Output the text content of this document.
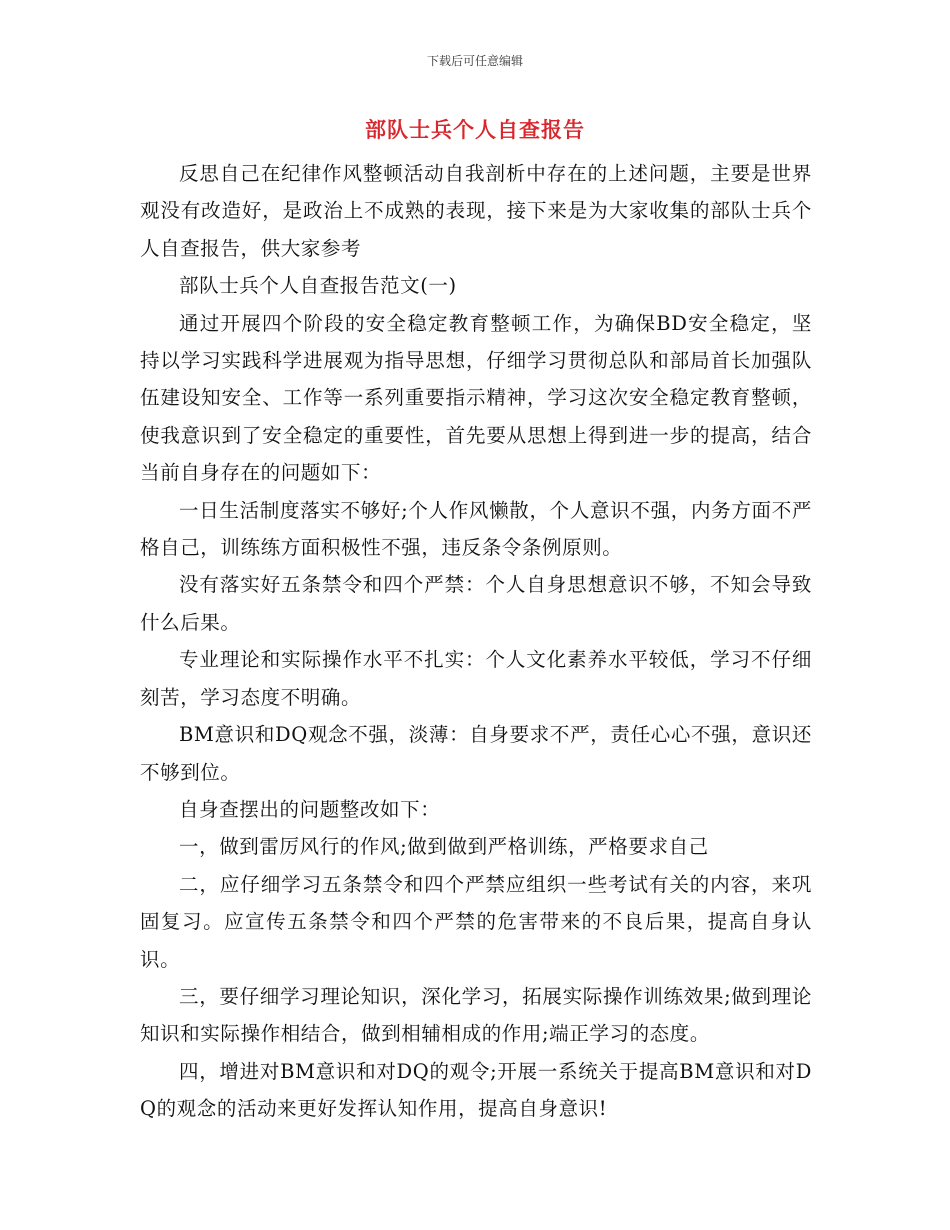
下载后可任意编辑
部队士兵个人自查报告

反思自己在纪律作风整顿活动自我剖析中存在的上述问题，主要是世界观没有改造好，是政治上不成熟的表现，接下来是为大家收集的部队士兵个人自查报告，供大家参考

部队士兵个人自查报告范文(一)

通过开展四个阶段的安全稳定教育整顿工作，为确保BD安全稳定，坚持以学习实践科学进展观为指导思想，仔细学习贯彻总队和部局首长加强队伍建设知安全、工作等一系列重要指示精神，学习这次安全稳定教育整顿，使我意识到了安全稳定的重要性，首先要从思想上得到进一步的提高，结合当前自身存在的问题如下：

一日生活制度落实不够好;个人作风懒散，个人意识不强，内务方面不严格自己，训练练方面积极性不强，违反条令条例原则。

没有落实好五条禁令和四个严禁：个人自身思想意识不够，不知会导致什么后果。

专业理论和实际操作水平不扎实：个人文化素养水平较低，学习不仔细刻苦，学习态度不明确。

BM意识和DQ观念不强，淡薄：自身要求不严，责任心心不强，意识还不够到位。

自身查摆出的问题整改如下：

一，做到雷厉风行的作风;做到做到严格训练，严格要求自己

二，应仔细学习五条禁令和四个严禁应组织一些考试有关的内容，来巩固复习。应宣传五条禁令和四个严禁的危害带来的不良后果，提高自身认识。

三，要仔细学习理论知识，深化学习，拓展实际操作训练效果;做到理论知识和实际操作相结合，做到相辅相成的作用;端正学习的态度。

四，增进对BM意识和对DQ的观令;开展一系统关于提高BM意识和对DQ的观念的活动来更好发挥认知作用，提高自身意识!
